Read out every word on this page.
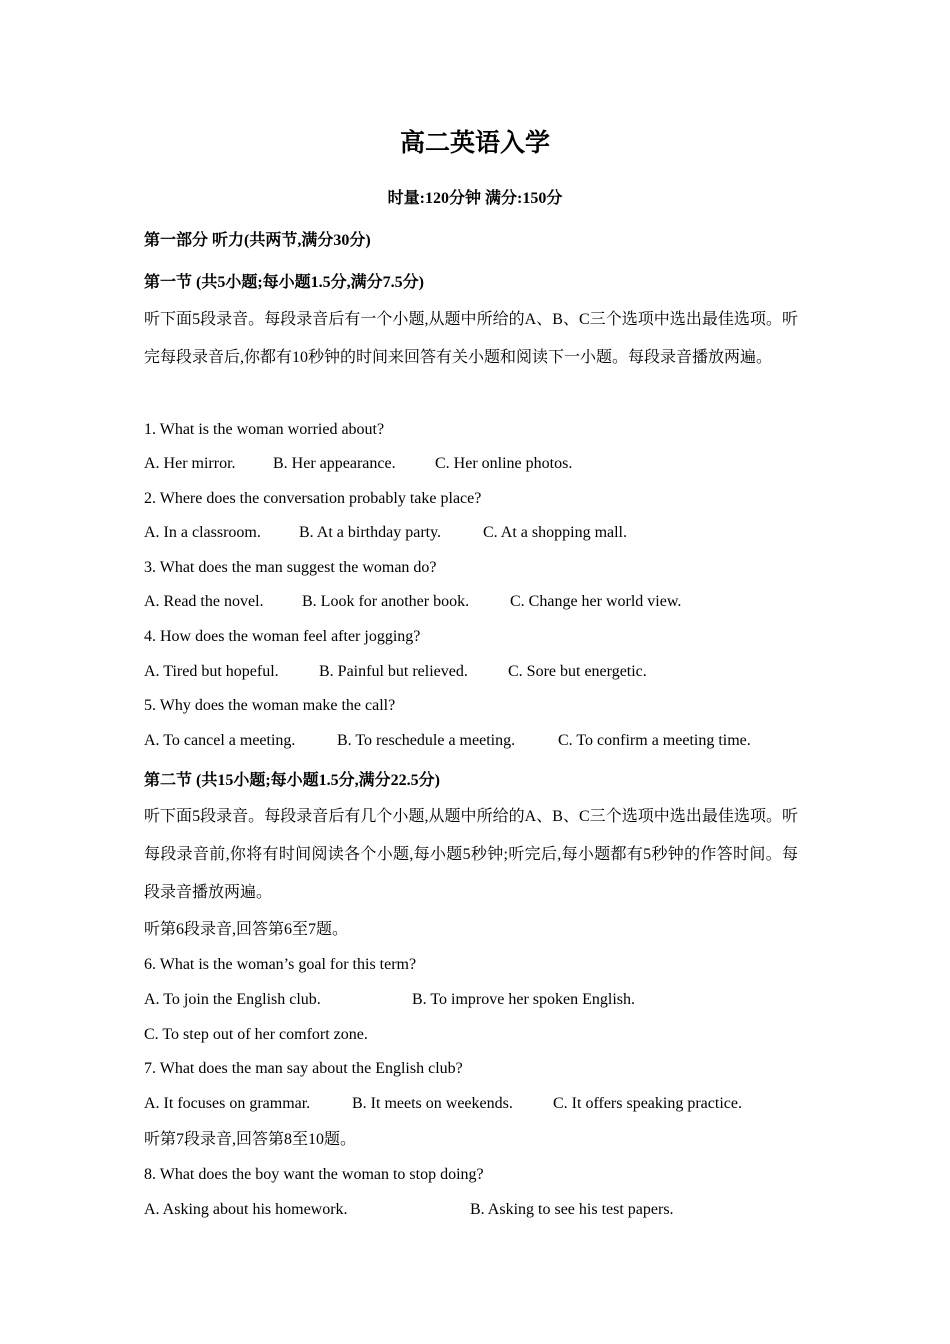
高二英语入学
时量:120分钟 满分:150分
第一部分 听力(共两节,满分30分)
第一节 (共5小题;每小题1.5分,满分7.5分)
听下面5段录音。每段录音后有一个小题,从题中所给的A、B、C三个选项中选出最佳选项。听完每段录音后,你都有10秒钟的时间来回答有关小题和阅读下一小题。每段录音播放两遍。
1. What is the woman worried about?
A. Her mirror. B. Her appearance. C. Her online photos.
2. Where does the conversation probably take place?
A. In a classroom. B. At a birthday party.	C. At a shopping mall.
3. What does the man suggest the woman do?
A. Read the novel. B. Look for another book.	C. Change her world view.
4. How does the woman feel after jogging?
A. Tired but hopeful.	B. Painful but relieved.	C. Sore but energetic.
5. Why does the woman make the call?
A. To cancel a meeting.	B. To reschedule a meeting.	C. To confirm a meeting time.
第二节 (共15小题;每小题1.5分,满分22.5分)
听下面5段录音。每段录音后有几个小题,从题中所给的A、B、C三个选项中选出最佳选项。听每段录音前,你将有时间阅读各个小题,每小题5秒钟;听完后,每小题都有5秒钟的作答时间。每段录音播放两遍。
听第6段录音,回答第6至7题。
6. What is the woman’s goal for this term?
A. To join the English club.	B. To improve her spoken English.
C. To step out of her comfort zone.
7. What does the man say about the English club?
A. It focuses on grammar.	B. It meets on weekends.	C. It offers speaking practice.
听第7段录音,回答第8至10题。
8. What does the boy want the woman to stop doing?
A. Asking about his homework.	B. Asking to see his test papers.
